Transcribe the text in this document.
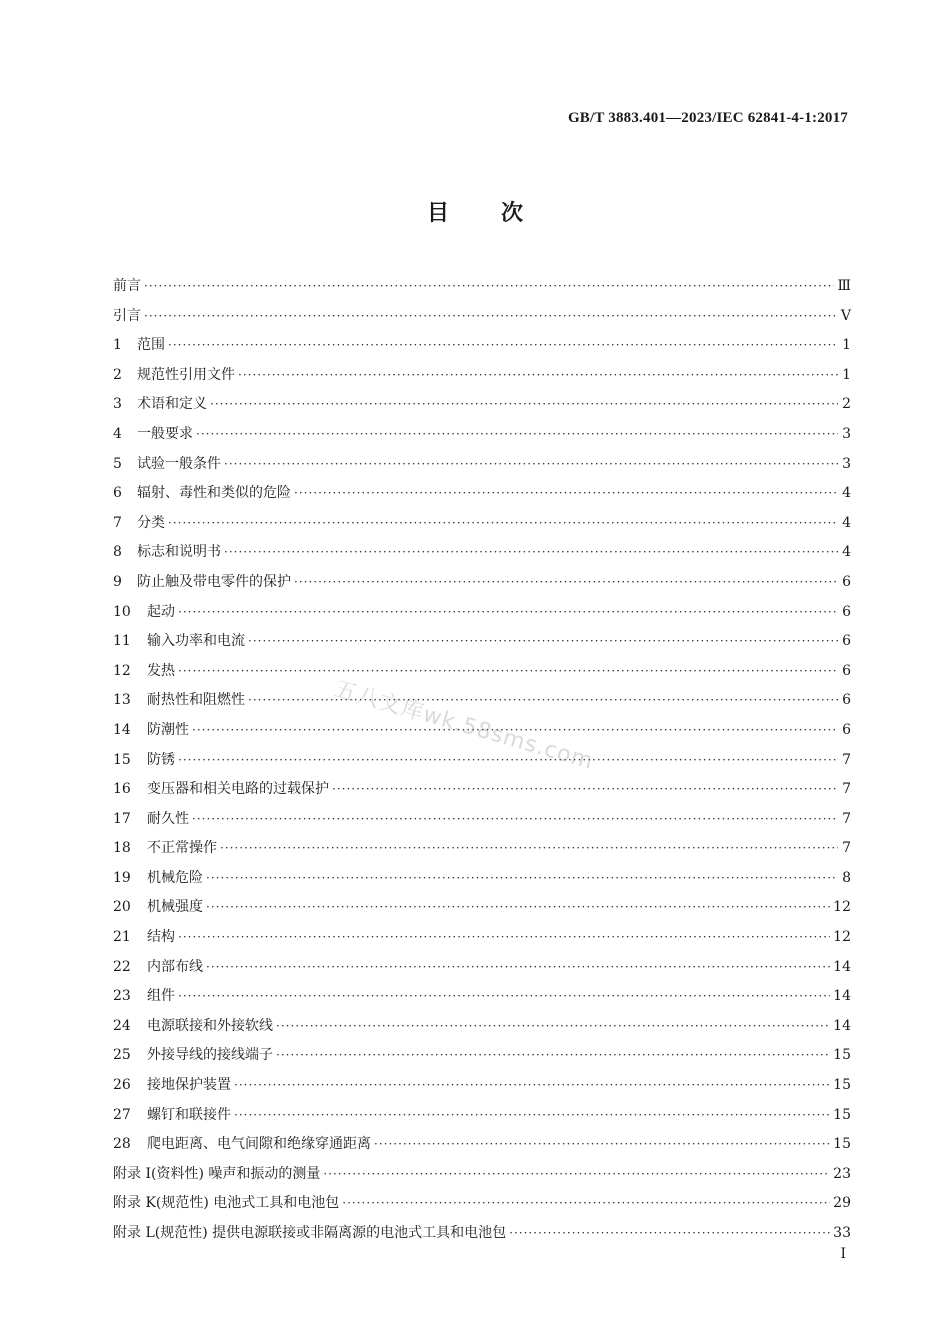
GB/T 3883.401—2023/IEC 62841-4-1:2017
目次
前言 ·····	Ⅲ
引言 ·····	Ⅴ
1	范围 ·····	1
2	规范性引用文件 ·····	1
3	术语和定义 ·····	2
4	一般要求 ·····	3
5	试验一般条件 ·····	3
6	辐射、毒性和类似的危险 ·····	4
7	分类 ·····	4
8	标志和说明书 ·····	4
9	防止触及带电零件的保护 ·····	6
10	起动 ·····	6
11	输入功率和电流 ·····	6
12	发热 ·····	6
13	耐热性和阻燃性 ·····	6
14	防潮性 ·····	6
15	防锈 ·····	7
16	变压器和相关电路的过载保护 ·····	7
17	耐久性 ·····	7
18	不正常操作 ·····	7
19	机械危险 ·····	8
20	机械强度 ·····	12
21	结构 ·····	12
22	内部布线 ·····	14
23	组件 ·····	14
24	电源联接和外接软线 ·····	14
25	外接导线的接线端子 ·····	15
26	接地保护装置 ·····	15
27	螺钉和联接件 ·····	15
28	爬电距离、电气间隙和绝缘穿通距离 ·····	15
附录 I(资料性) 噪声和振动的测量 ·····	23
附录 K(规范性) 电池式工具和电池包 ·····	29
附录 L(规范性) 提供电源联接或非隔离源的电池式工具和电池包 ·····	33
I
五八文库wk.58sms.com
